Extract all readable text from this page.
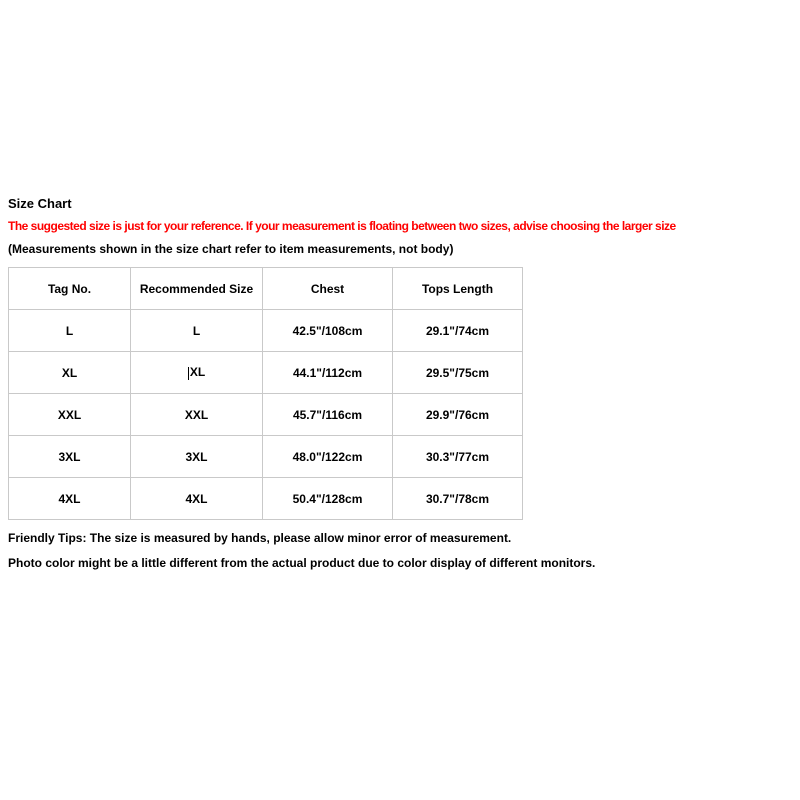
Size Chart

The suggested size is just for your reference. If your measurement is floating between two sizes, advise choosing the larger size

(Measurements shown in the size chart refer to item measurements, not body)

Tag No.	Recommended Size	Chest	Tops Length
L	L	42.5"/108cm	29.1"/74cm
XL	XL	44.1"/112cm	29.5"/75cm
XXL	XXL	45.7"/116cm	29.9"/76cm
3XL	3XL	48.0"/122cm	30.3"/77cm
4XL	4XL	50.4"/128cm	30.7"/78cm

Friendly Tips: The size is measured by hands, please allow minor error of measurement.

Photo color might be a little different from the actual product due to color display of different monitors.
